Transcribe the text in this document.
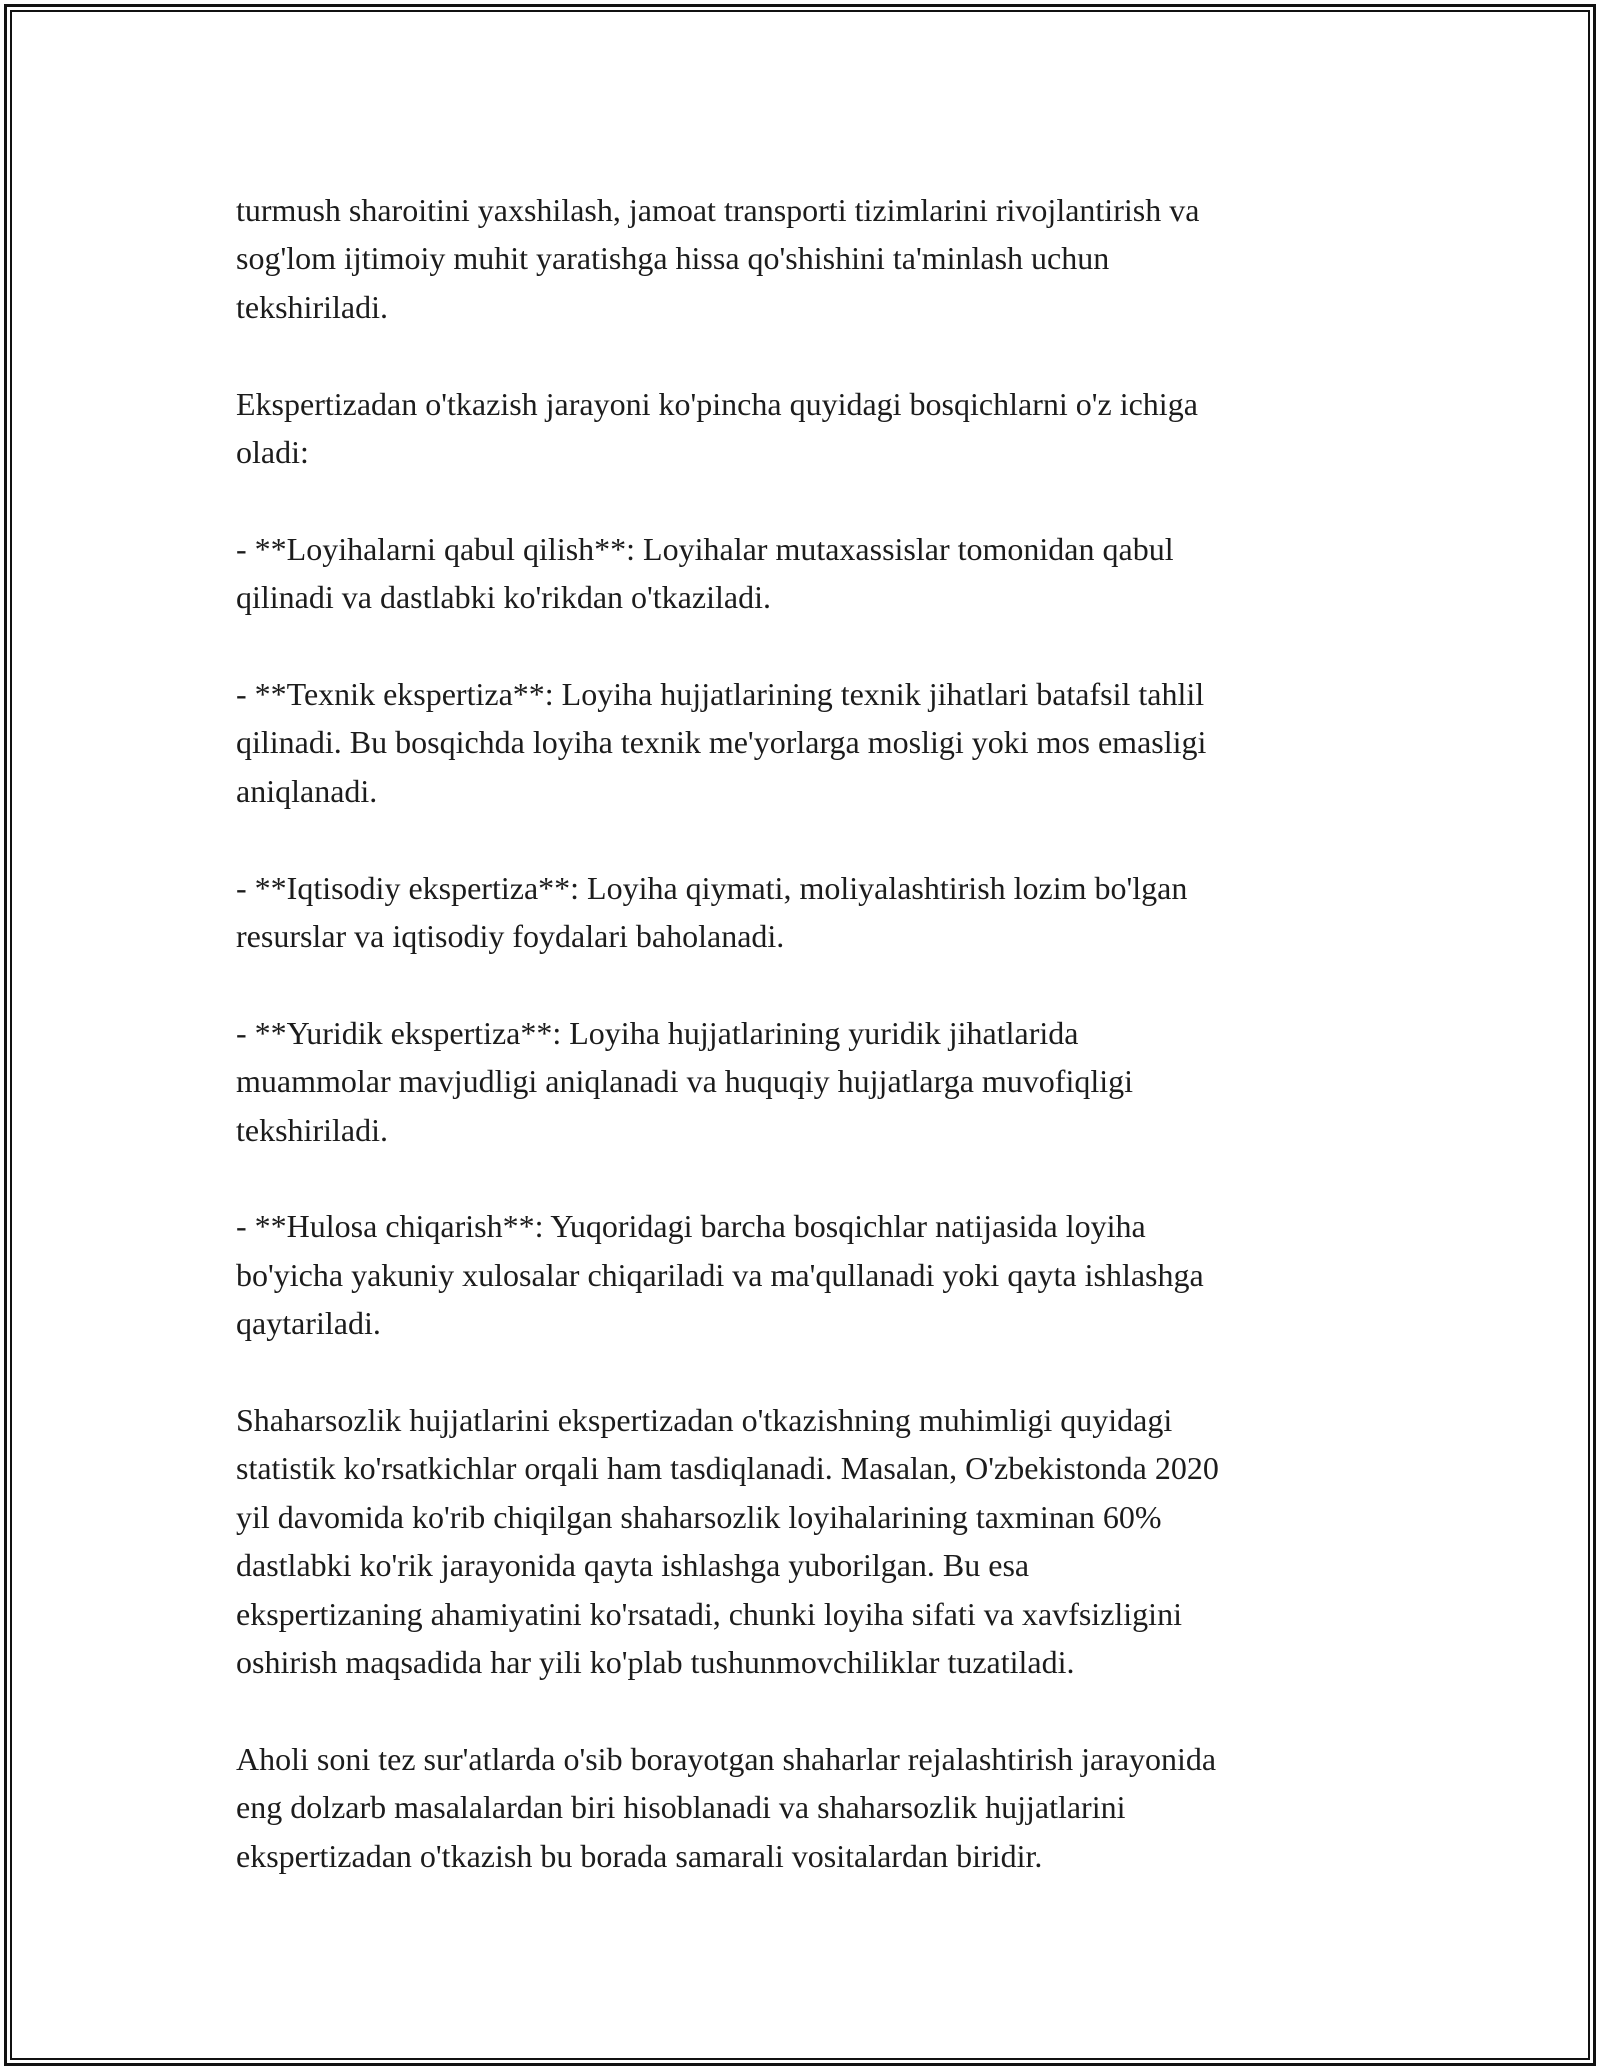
turmush sharoitini yaxshilash, jamoat transporti tizimlarini rivojlantirish va
sog'lom ijtimoiy muhit yaratishga hissa qo'shishini ta'minlash uchun
tekshiriladi.

Ekspertizadan o'tkazish jarayoni ko'pincha quyidagi bosqichlarni o'z ichiga
oladi:

- **Loyihalarni qabul qilish**: Loyihalar mutaxassislar tomonidan qabul
qilinadi va dastlabki ko'rikdan o'tkaziladi.

- **Texnik ekspertiza**: Loyiha hujjatlarining texnik jihatlari batafsil tahlil
qilinadi. Bu bosqichda loyiha texnik me'yorlarga mosligi yoki mos emasligi
aniqlanadi.

- **Iqtisodiy ekspertiza**: Loyiha qiymati, moliyalashtirish lozim bo'lgan
resurslar va iqtisodiy foydalari baholanadi.

- **Yuridik ekspertiza**: Loyiha hujjatlarining yuridik jihatlarida
muammolar mavjudligi aniqlanadi va huquqiy hujjatlarga muvofiqligi
tekshiriladi.

- **Hulosa chiqarish**: Yuqoridagi barcha bosqichlar natijasida loyiha
bo'yicha yakuniy xulosalar chiqariladi va ma'qullanadi yoki qayta ishlashga
qaytariladi.

Shaharsozlik hujjatlarini ekspertizadan o'tkazishning muhimligi quyidagi
statistik ko'rsatkichlar orqali ham tasdiqlanadi. Masalan, O'zbekistonda 2020
yil davomida ko'rib chiqilgan shaharsozlik loyihalarining taxminan 60%
dastlabki ko'rik jarayonida qayta ishlashga yuborilgan. Bu esa
ekspertizaning ahamiyatini ko'rsatadi, chunki loyiha sifati va xavfsizligini
oshirish maqsadida har yili ko'plab tushunmovchiliklar tuzatiladi.

Aholi soni tez sur'atlarda o'sib borayotgan shaharlar rejalashtirish jarayonida
eng dolzarb masalalardan biri hisoblanadi va shaharsozlik hujjatlarini
ekspertizadan o'tkazish bu borada samarali vositalardan biridir.
